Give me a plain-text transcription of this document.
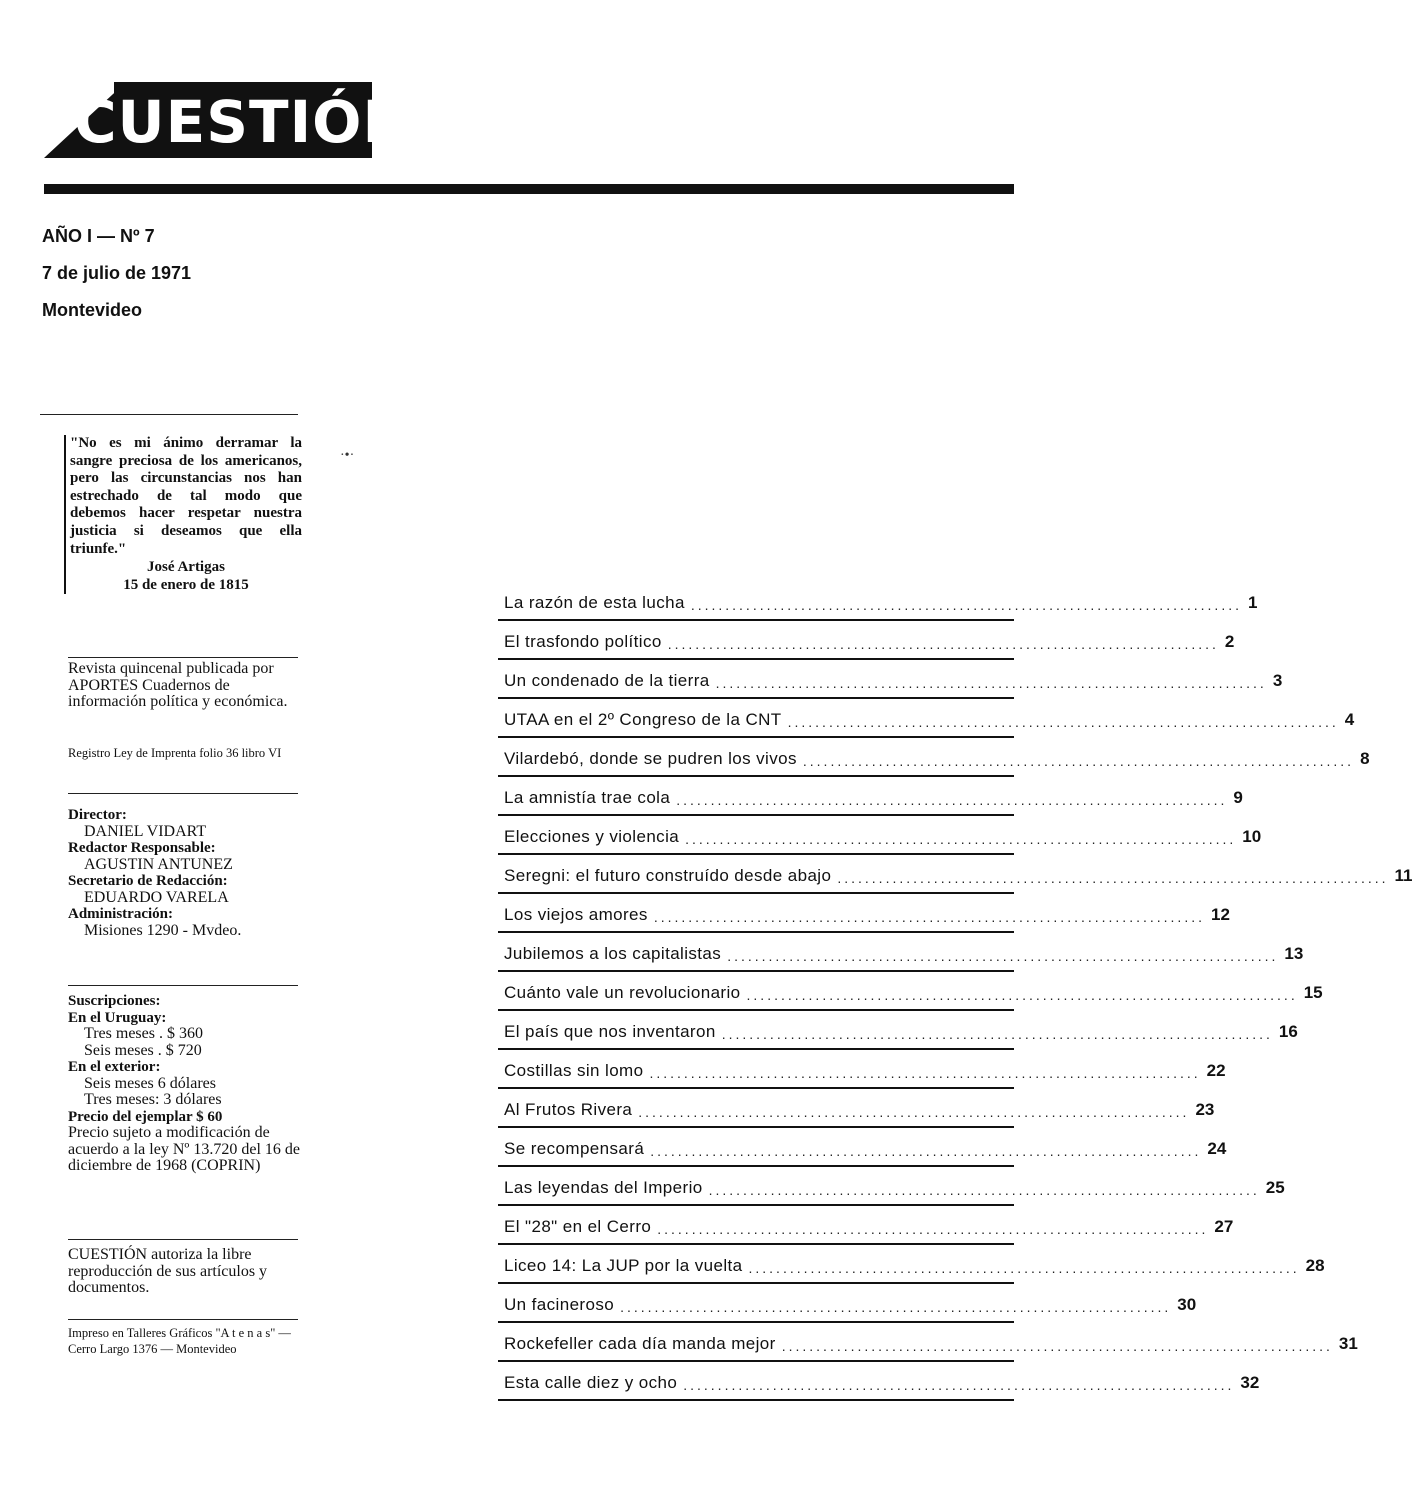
CUESTIÓN
AÑO I — Nº 7
7 de julio de 1971
Montevideo

"No es mi ánimo derramar la sangre preciosa de los americanos, pero las circunstancias nos han estrechado de tal modo que debemos hacer respetar nuestra justicia si deseamos que ella triunfe."

José Artigas

15 de enero de 1815

Revista quincenal publicada por APORTES Cuadernos de información política y económica.

Registro Ley de Imprenta folio 36 libro VI

Director:
DANIEL VIDART
Redactor Responsable:
AGUSTIN ANTUNEZ
Secretario de Redacción:
EDUARDO VARELA
Administración:
Misiones 1290 - Mvdeo.
Suscripciones:
En el Uruguay:
Tres meses . $ 360
Seis meses . $ 720
En el exterior:
Seis meses 6 dólares
Tres meses: 3 dólares
Precio del ejemplar $ 60
Precio sujeto a modificación de acuerdo a la ley Nº 13.720 del 16 de diciembre de 1968 (COPRIN)

CUESTIÓN autoriza la libre reproducción de sus artículos y documentos.

Impreso en Talleres Gráficos "A t e n a s" — Cerro Largo 1376 — Montevideo

·•·
La razón de esta lucha ................................................................................ 1
El trasfondo político ................................................................................ 2
Un condenado de la tierra ................................................................................ 3
UTAA en el 2º Congreso de la CNT ................................................................................ 4
Vilardebó, donde se pudren los vivos ................................................................................ 8
La amnistía trae cola ................................................................................ 9
Elecciones y violencia ................................................................................ 10
Seregni: el futuro construído desde abajo ................................................................................ 11
Los viejos amores ................................................................................ 12
Jubilemos a los capitalistas ................................................................................ 13
Cuánto vale un revolucionario ................................................................................ 15
El país que nos inventaron ................................................................................ 16
Costillas sin lomo ................................................................................ 22
Al Frutos Rivera ................................................................................ 23
Se recompensará ................................................................................ 24
Las leyendas del Imperio ................................................................................ 25
El "28" en el Cerro ................................................................................ 27
Liceo 14: La JUP por la vuelta ................................................................................ 28
Un facineroso ................................................................................ 30
Rockefeller cada día manda mejor ................................................................................ 31
Esta calle diez y ocho ................................................................................ 32
